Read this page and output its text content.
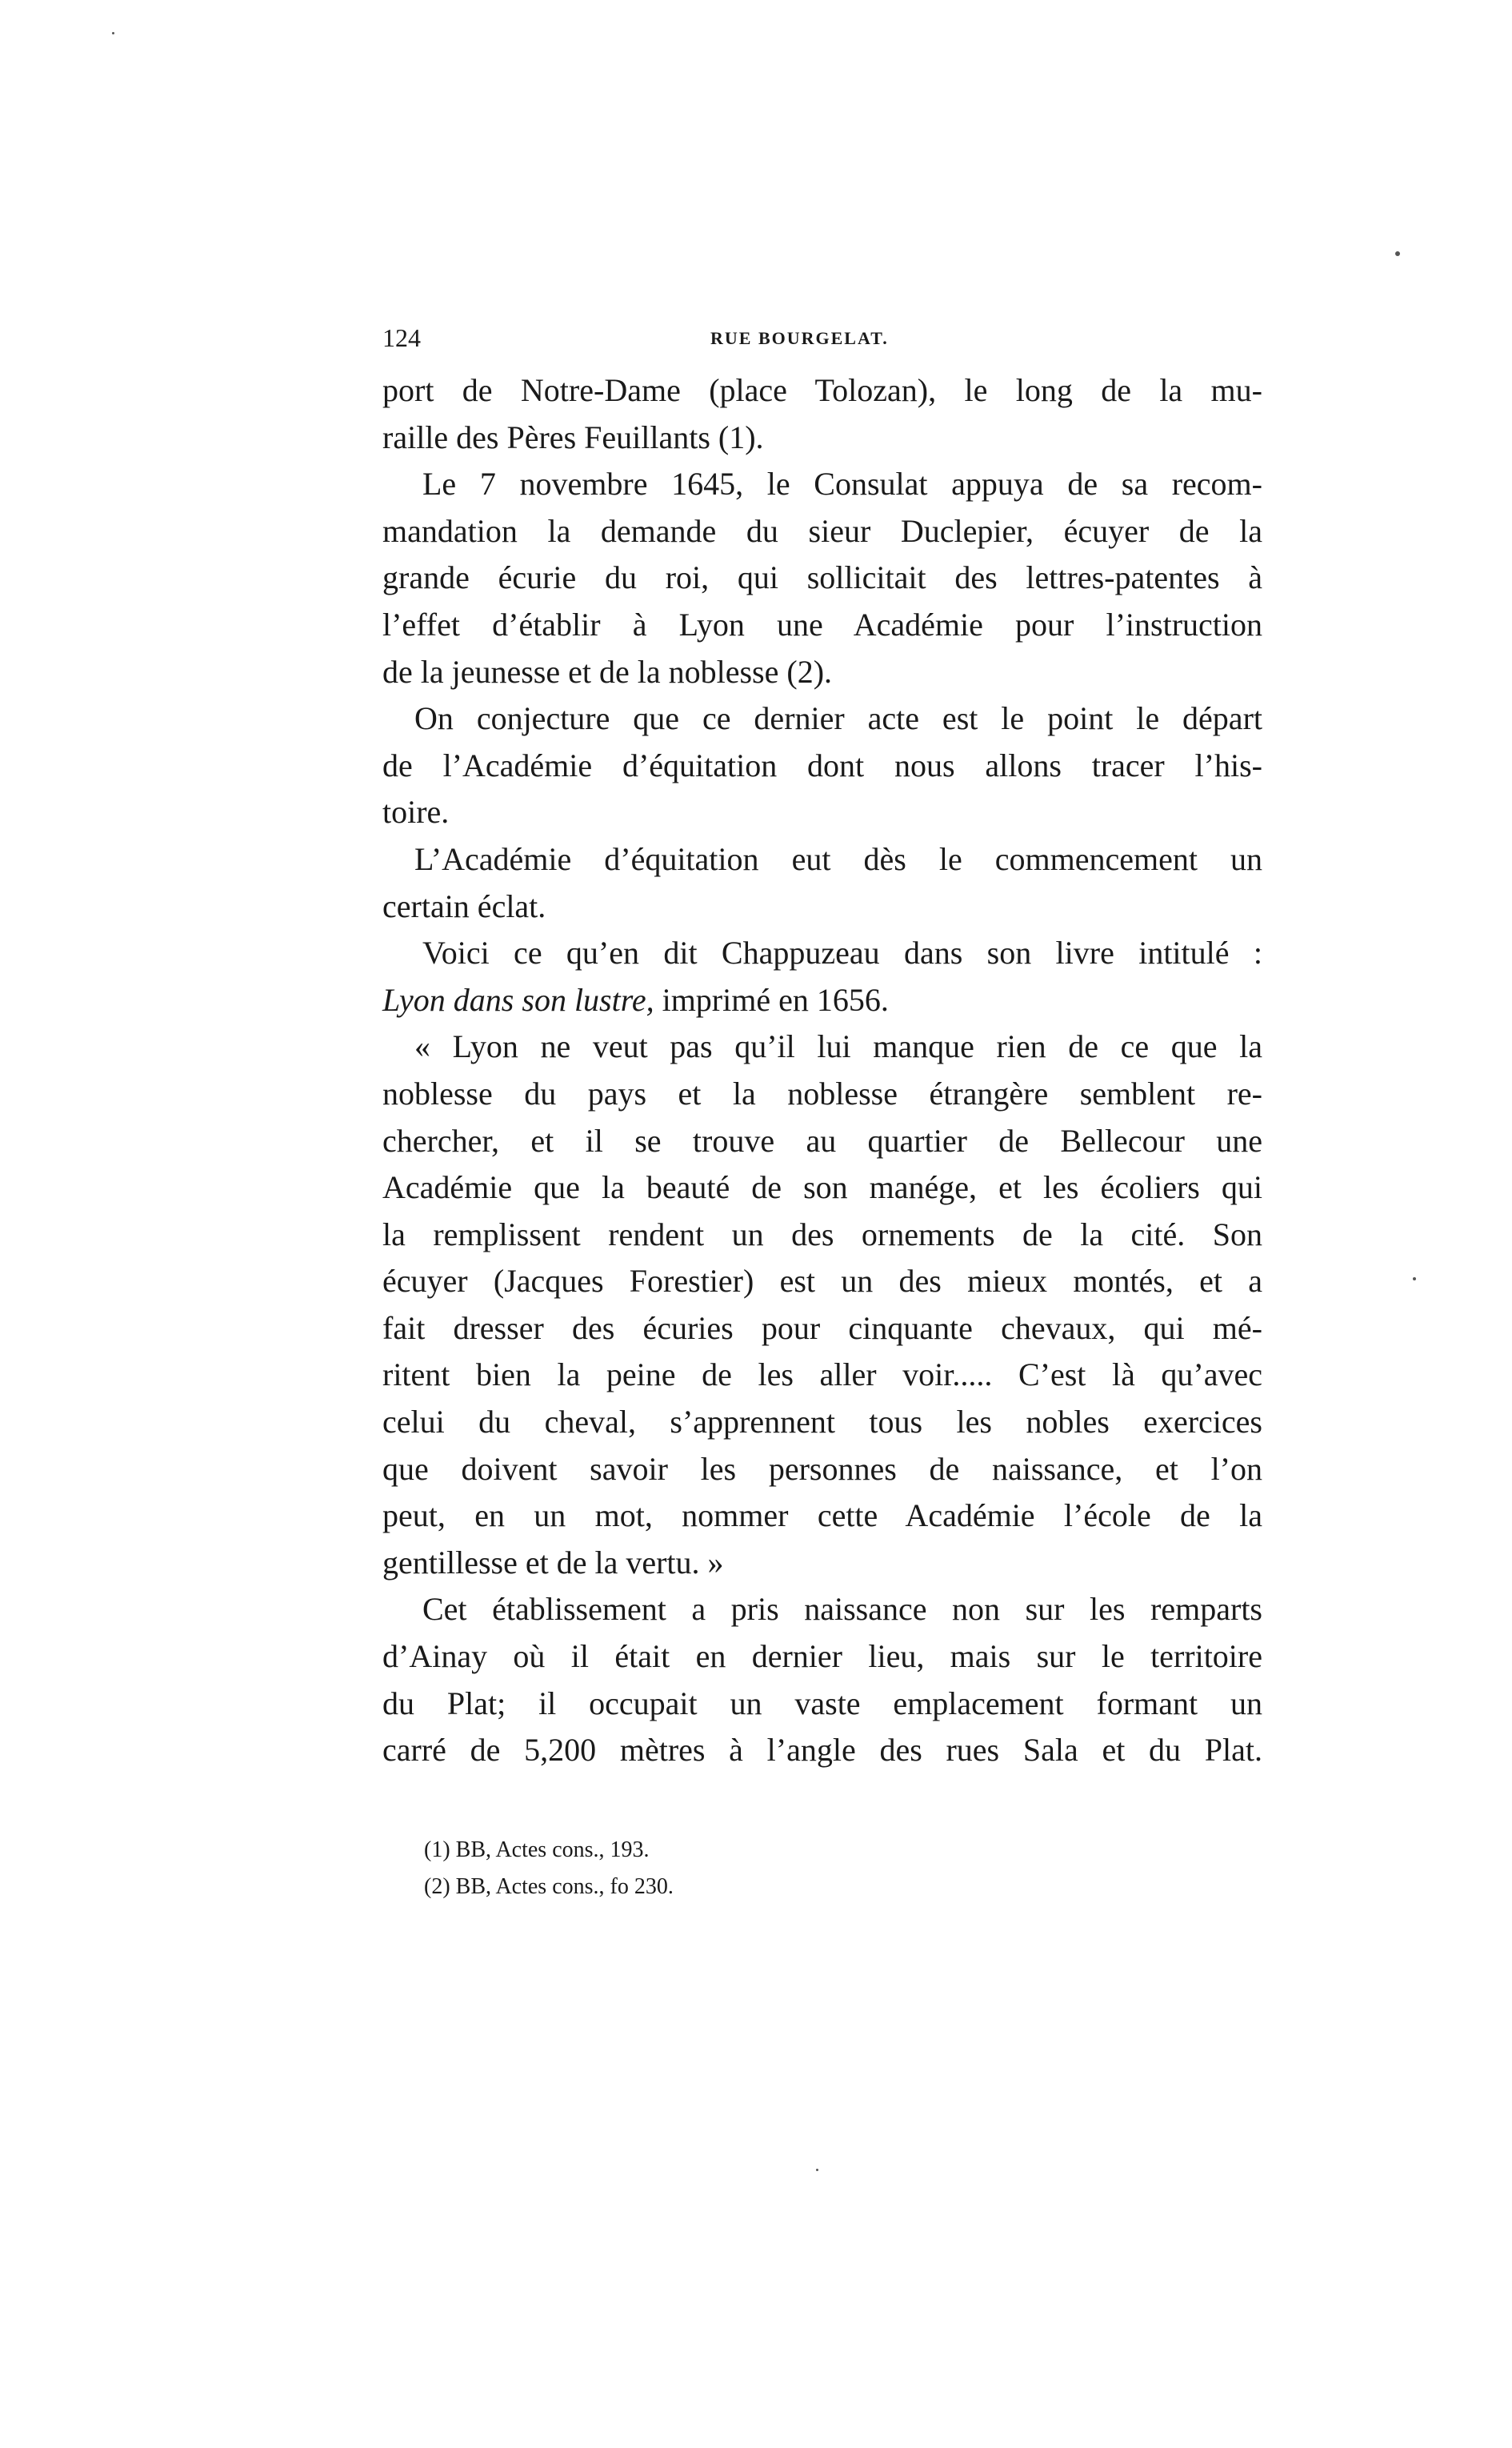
124	RUE BOURGELAT.
port de Notre-Dame (place Tolozan), le long de la mu-
raille des Pères Feuillants (1).
Le 7 novembre 1645, le Consulat appuya de sa recom-
mandation la demande du sieur Duclepier, écuyer de la
grande écurie du roi, qui sollicitait des lettres-patentes à
l’effet d’établir à Lyon une Académie pour l’instruction
de la jeunesse et de la noblesse (2).
On conjecture que ce dernier acte est le point le départ
de l’Académie d’équitation dont nous allons tracer l’his-
toire.
L’Académie d’équitation eut dès le commencement un
certain éclat.
Voici ce qu’en dit Chappuzeau dans son livre intitulé :
Lyon dans son lustre, imprimé en 1656.
« Lyon ne veut pas qu’il lui manque rien de ce que la
noblesse du pays et la noblesse étrangère semblent re-
chercher, et il se trouve au quartier de Bellecour une
Académie que la beauté de son manége, et les écoliers qui
la remplissent rendent un des ornements de la cité. Son
écuyer (Jacques Forestier) est un des mieux montés, et a
fait dresser des écuries pour cinquante chevaux, qui mé-
ritent bien la peine de les aller voir..... C’est là qu’avec
celui du cheval, s’apprennent tous les nobles exercices
que doivent savoir les personnes de naissance, et l’on
peut, en un mot, nommer cette Académie l’école de la
gentillesse et de la vertu. »
Cet établissement a pris naissance non sur les remparts
d’Ainay où il était en dernier lieu, mais sur le territoire
du Plat; il occupait un vaste emplacement formant un
carré de 5,200 mètres à l’angle des rues Sala et du Plat.
(1) BB, Actes cons., 193.
(2) BB, Actes cons., fo 230.
